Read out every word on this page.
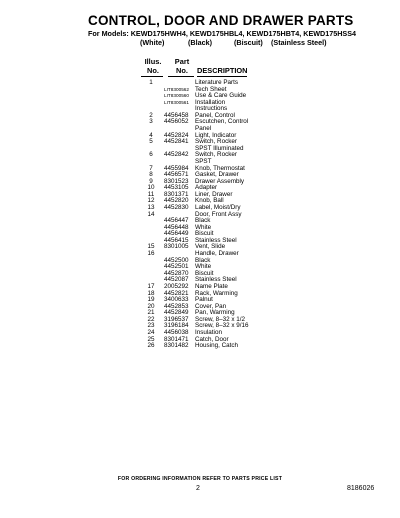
CONTROL, DOOR AND DRAWER PARTS
For Models: KEWD175HWH4, KEWD175HBL4, KEWD175HBT4, KEWD175HSS4
(White)	(Black)	(Biscuit) (Stainless Steel)
Illus.
No.
Part
No.	DESCRIPTION
1	Literature Parts
LIT8300562 Tech Sheet
LIT8300560 Use & Care Guide
LIT8300561 Installation
Instructions
2	4456458 Panel, Control
3	4456052 Escutchen, Control
Panel
4	4452824 Light, Indicator
5	4452841 Switch, Rocker
SPST Illuminated
6	4452842 Switch, Rocker
SPST
7	4455984 Knob, Thermostat
8	4456571 Gasket, Drawer
9	8301523 Drawer Assembly
10	4453105 Adapter
11	8301371 Liner, Drawer
12	4452820 Knob, Ball
13	4452830 Label, Moist/Dry
14	Door, Front Assy
4456447 Black
4456448 White
4456449 Biscuit
4456415 Stainless Steel
15	8301005 Vent, Slide
16	Handle, Drawer
4452500 Black
4452501 White
4452870 Biscuit
4452087 Stainless Steel
17	2005292 Name Plate
18	4452821 Rack, Warming
19	3400633 Palnut
20	4452853 Cover, Pan
21	4452849 Pan, Warming
22	3196537 Screw, 8–32 x 1/2
23	3196184 Screw, 8–32 x 9/16
24	4456038 Insulation
25	8301471 Catch, Door
26	8301482 Housing, Catch
FOR ORDERING INFORMATION REFER TO PARTS PRICE LIST
2	8186026
